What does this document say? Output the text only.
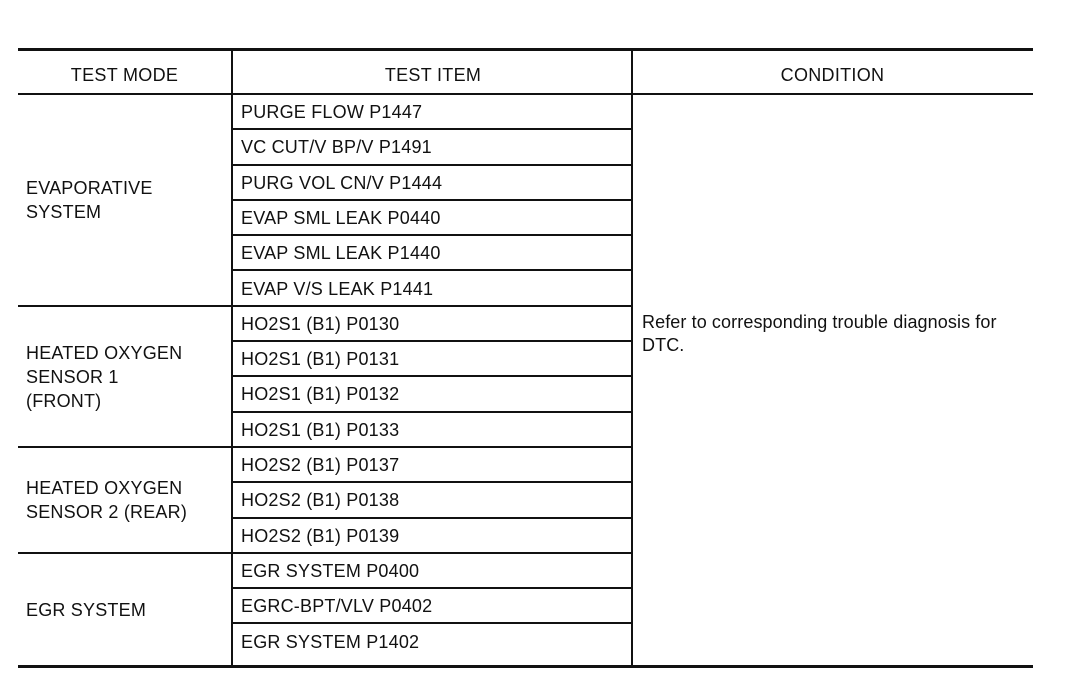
TEST MODE	TEST ITEM	CONDITION
EVAPORATIVE
SYSTEM
PURGE FLOW P1447
VC CUT/V BP/V P1491
PURG VOL CN/V P1444
EVAP SML LEAK P0440
EVAP SML LEAK P1440
EVAP V/S LEAK P1441
HEATED OXYGEN
SENSOR 1
(FRONT)
HO2S1 (B1) P0130
HO2S1 (B1) P0131
HO2S1 (B1) P0132
HO2S1 (B1) P0133
HEATED OXYGEN
SENSOR 2 (REAR)
HO2S2 (B1) P0137
HO2S2 (B1) P0138
HO2S2 (B1) P0139
EGR SYSTEM
EGR SYSTEM P0400
EGRC-BPT/VLV P0402
EGR SYSTEM P1402
Refer to corresponding trouble diagnosis for DTC.
